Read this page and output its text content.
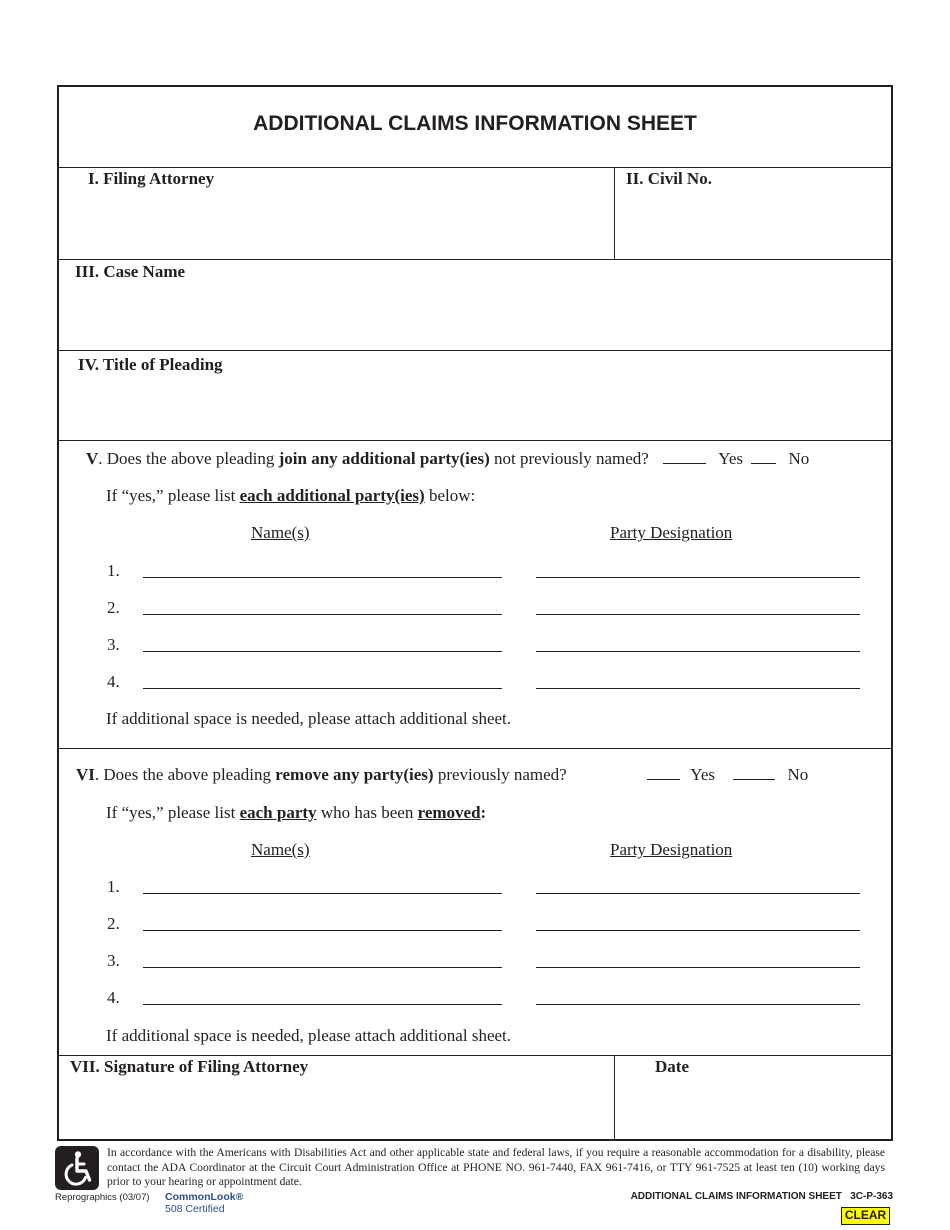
ADDITIONAL CLAIMS INFORMATION SHEET
I. Filing Attorney	II. Civil No.
III. Case Name
IV. Title of Pleading
V. Does the above pleading join any additional party(ies) not previously named?	Yes	No
If “yes,” please list each additional party(ies) below:
Name(s)	Party Designation
1.
2.
3.
4.
If additional space is needed, please attach additional sheet.
VI. Does the above pleading remove any party(ies) previously named?	Yes	No
If “yes,” please list each party who has been removed:
Name(s)	Party Designation
1.
2.
3.
4.
If additional space is needed, please attach additional sheet.
VII. Signature of Filing Attorney	Date
In accordance with the Americans with Disabilities Act and other applicable state and federal laws, if you require a reasonable accommodation for a disability, please contact the ADA Coordinator at the Circuit Court Administration Office at PHONE NO. 961-7440, FAX 961-7416, or TTY 961-7525 at least ten (10) working days prior to your hearing or appointment date.
Reprographics (03/07) CommonLook®
508 Certified
ADDITIONAL CLAIMS INFORMATION SHEET   3C-P-363
CLEAR
